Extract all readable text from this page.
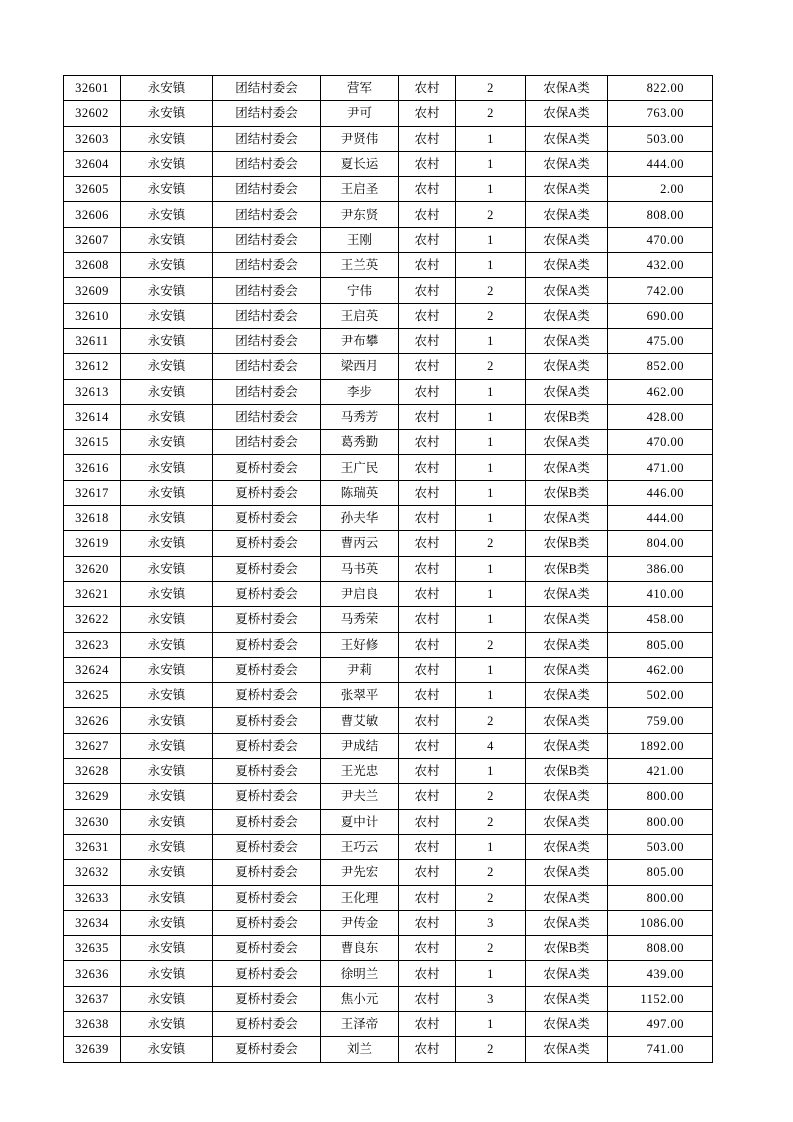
32601	永安镇	团结村委会	营军	农村	2	农保A类	822.00
32602	永安镇	团结村委会	尹可	农村	2	农保A类	763.00
32603	永安镇	团结村委会	尹贤伟	农村	1	农保A类	503.00
32604	永安镇	团结村委会	夏长运	农村	1	农保A类	444.00
32605	永安镇	团结村委会	王启圣	农村	1	农保A类	2.00
32606	永安镇	团结村委会	尹东贤	农村	2	农保A类	808.00
32607	永安镇	团结村委会	王刚	农村	1	农保A类	470.00
32608	永安镇	团结村委会	王兰英	农村	1	农保A类	432.00
32609	永安镇	团结村委会	宁伟	农村	2	农保A类	742.00
32610	永安镇	团结村委会	王启英	农村	2	农保A类	690.00
32611	永安镇	团结村委会	尹布攀	农村	1	农保A类	475.00
32612	永安镇	团结村委会	梁西月	农村	2	农保A类	852.00
32613	永安镇	团结村委会	李步	农村	1	农保A类	462.00
32614	永安镇	团结村委会	马秀芳	农村	1	农保B类	428.00
32615	永安镇	团结村委会	葛秀勤	农村	1	农保A类	470.00
32616	永安镇	夏桥村委会	王广民	农村	1	农保A类	471.00
32617	永安镇	夏桥村委会	陈瑞英	农村	1	农保B类	446.00
32618	永安镇	夏桥村委会	孙夫华	农村	1	农保A类	444.00
32619	永安镇	夏桥村委会	曹丙云	农村	2	农保B类	804.00
32620	永安镇	夏桥村委会	马书英	农村	1	农保B类	386.00
32621	永安镇	夏桥村委会	尹启良	农村	1	农保A类	410.00
32622	永安镇	夏桥村委会	马秀荣	农村	1	农保A类	458.00
32623	永安镇	夏桥村委会	王好修	农村	2	农保A类	805.00
32624	永安镇	夏桥村委会	尹莉	农村	1	农保A类	462.00
32625	永安镇	夏桥村委会	张翠平	农村	1	农保A类	502.00
32626	永安镇	夏桥村委会	曹艾敏	农村	2	农保A类	759.00
32627	永安镇	夏桥村委会	尹成结	农村	4	农保A类	1892.00
32628	永安镇	夏桥村委会	王光忠	农村	1	农保B类	421.00
32629	永安镇	夏桥村委会	尹夫兰	农村	2	农保A类	800.00
32630	永安镇	夏桥村委会	夏中计	农村	2	农保A类	800.00
32631	永安镇	夏桥村委会	王巧云	农村	1	农保A类	503.00
32632	永安镇	夏桥村委会	尹先宏	农村	2	农保A类	805.00
32633	永安镇	夏桥村委会	王化理	农村	2	农保A类	800.00
32634	永安镇	夏桥村委会	尹传金	农村	3	农保A类	1086.00
32635	永安镇	夏桥村委会	曹良东	农村	2	农保B类	808.00
32636	永安镇	夏桥村委会	徐明兰	农村	1	农保A类	439.00
32637	永安镇	夏桥村委会	焦小元	农村	3	农保A类	1152.00
32638	永安镇	夏桥村委会	王泽帝	农村	1	农保A类	497.00
32639	永安镇	夏桥村委会	刘兰	农村	2	农保A类	741.00
